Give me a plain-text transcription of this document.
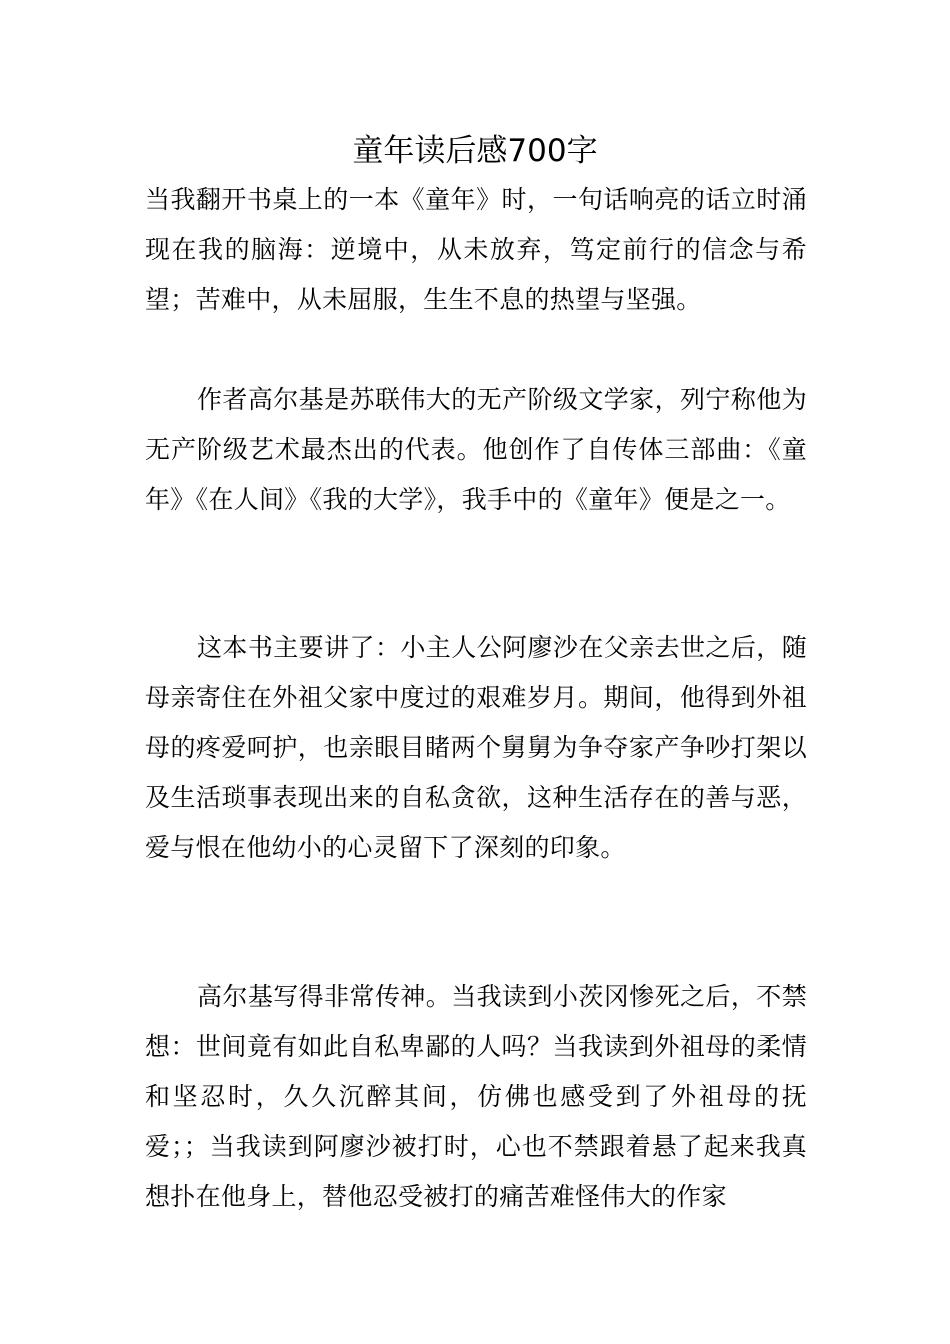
童年读后感700字

当我翻开书桌上的一本《童年》时，一句话响亮的话立时涌现在我的脑海：逆境中，从未放弃，笃定前行的信念与希望；苦难中，从未屈服，生生不息的热望与坚强。

作者高尔基是苏联伟大的无产阶级文学家，列宁称他为无产阶级艺术最杰出的代表。他创作了自传体三部曲：《童年》《在人间》《我的大学》，我手中的《童年》便是之一。

这本书主要讲了：小主人公阿廖沙在父亲去世之后，随母亲寄住在外祖父家中度过的艰难岁月。期间，他得到外祖母的疼爱呵护，也亲眼目睹两个舅舅为争夺家产争吵打架以及生活琐事表现出来的自私贪欲，这种生活存在的善与恶，爱与恨在他幼小的心灵留下了深刻的印象。

高尔基写得非常传神。当我读到小茨冈惨死之后，不禁想：世间竟有如此自私卑鄙的人吗？当我读到外祖母的柔情和坚忍时，久久沉醉其间，仿佛也感受到了外祖母的抚爱；；当我读到阿廖沙被打时，心也不禁跟着悬了起来我真想扑在他身上，替他忍受被打的痛苦难怪伟大的作家
